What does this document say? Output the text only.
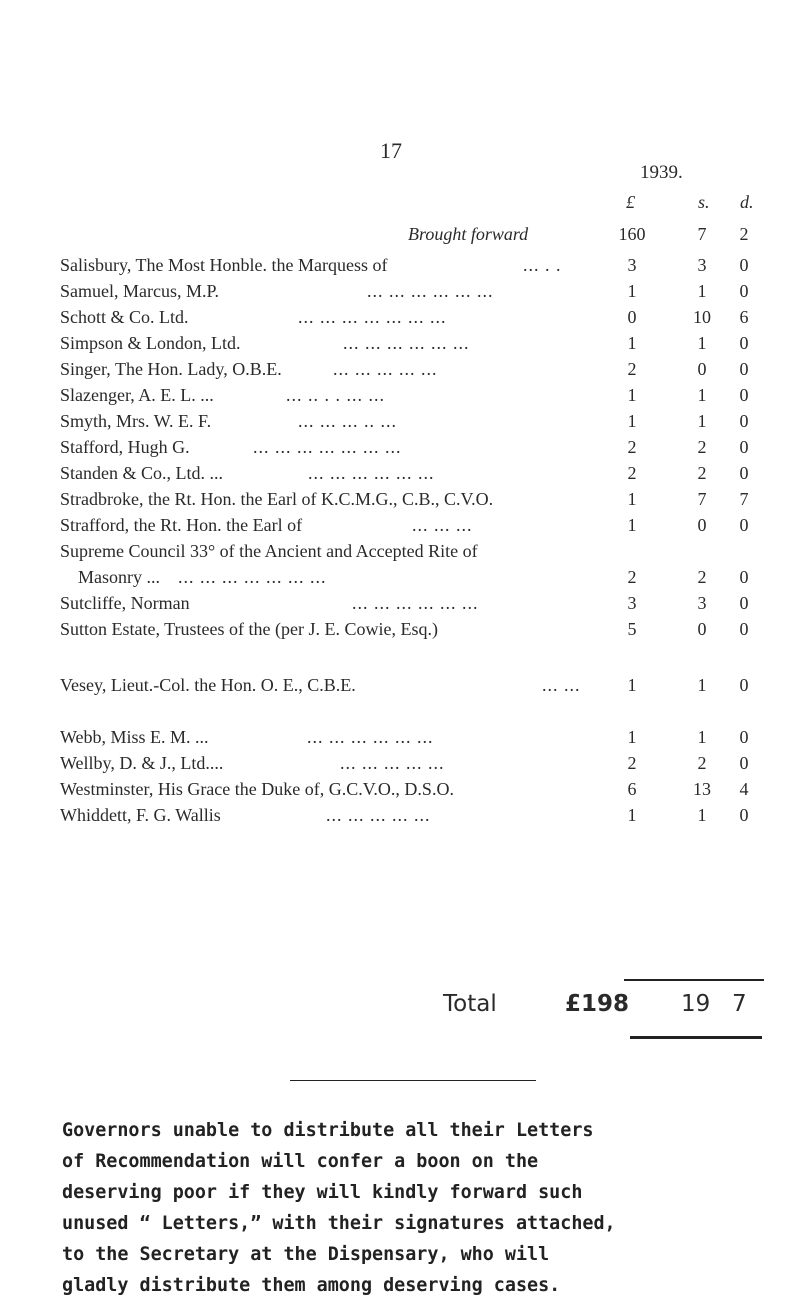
17
1939.
£	s. d.
Brought forward	160	7	2
Salisbury, The Most Honble. the Marquess of	... . .	3	3	0
Samuel, Marcus, M.P.	... ... ... ... ... ...	1	1	0
Schott & Co. Ltd.	... ... ... ... ... ... ...	0	10	6
Simpson & London, Ltd.	... ... ... ... ... ...	1	1	0
Singer, The Hon. Lady, O.B.E.	... ... ... ... ...	2	0	0
Slazenger, A. E. L. ...	... .. . . ... ...	1	1	0
Smyth, Mrs. W. E. F.	... ... ... .. ...	1	1	0
Stafford, Hugh G.	... ... ... ... ... ... ...	2	2	0
Standen & Co., Ltd. ...	... ... ... ... ... ...	2	2	0
Stradbroke, the Rt. Hon. the Earl of K.C.M.G., C.B., C.V.O.	1	7	7
Strafford, the Rt. Hon. the Earl of	... ... ...	1	0	0
Supreme Council 33° of the Ancient and Accepted Rite of
Masonry ... ... ... ... ... ... ... ...	2	2	0
Sutcliffe, Norman	... ... ... ... ... ...	3	3	0
Sutton Estate, Trustees of the (per J. E. Cowie, Esq.)	5	0	0
Vesey, Lieut.-Col. the Hon. O. E., C.B.E.	... ...	1	1	0
Webb, Miss E. M. ...	... ... ... ... ... ...	1	1	0
Wellby, D. & J., Ltd....	... ... ... ... ...	2	2	0
Westminster, His Grace the Duke of, G.C.V.O., D.S.O.	6	13	4
Whiddett, F. G. Wallis	... ... ... ... ...	1	1	0
Total	£198 19 7
Governors unable to distribute all their Letters
of Recommendation will confer a boon on the
deserving poor if they will kindly forward such
unused “ Letters,” with their signatures attached,
to the Secretary at the Dispensary, who will
gladly distribute them among deserving cases.
